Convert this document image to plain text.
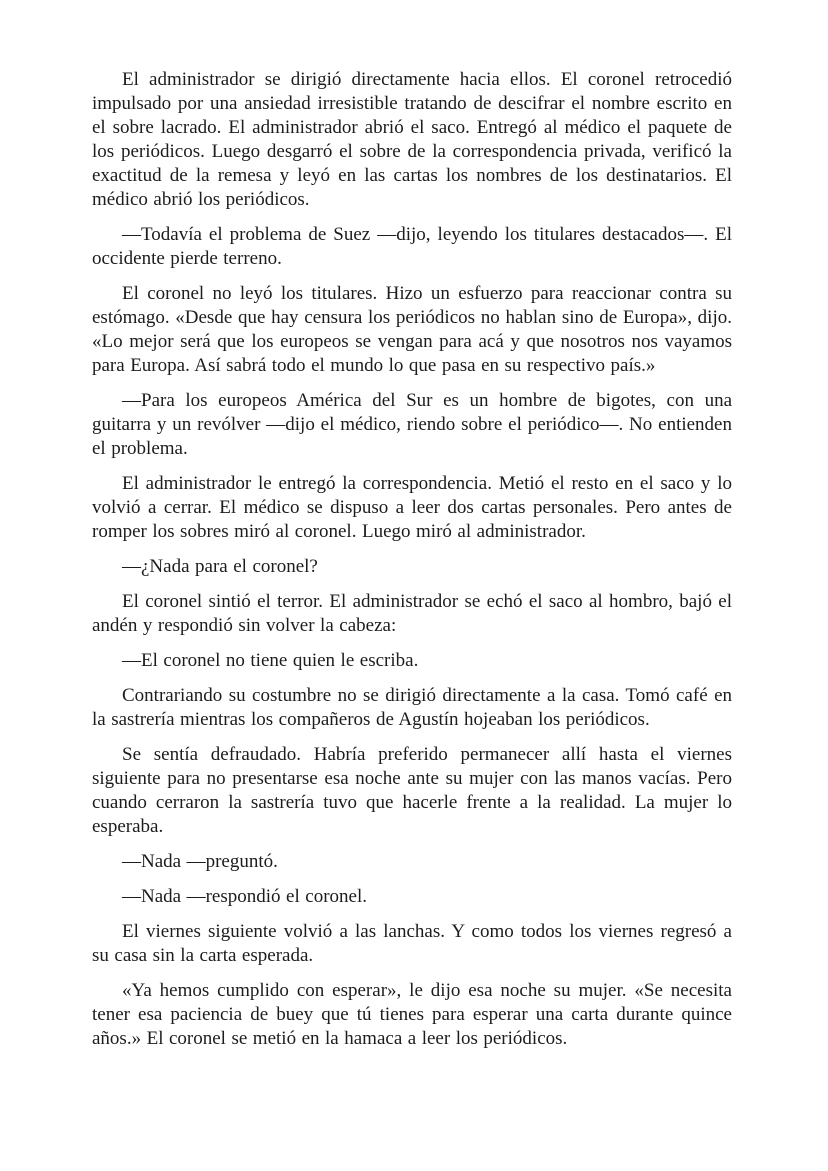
El administrador se dirigió directamente hacia ellos. El coronel retrocedió impulsado por una ansiedad irresistible tratando de descifrar el nombre escrito en el sobre lacrado. El administrador abrió el saco. Entregó al médico el paquete de los periódicos. Luego desgarró el sobre de la correspondencia privada, verificó la exactitud de la remesa y leyó en las cartas los nombres de los destinatarios. El médico abrió los periódicos.

—Todavía el problema de Suez —dijo, leyendo los titulares destacados—. El occidente pierde terreno.

El coronel no leyó los titulares. Hizo un esfuerzo para reaccionar contra su estómago. «Desde que hay censura los periódicos no hablan sino de Europa», dijo. «Lo mejor será que los europeos se vengan para acá y que nosotros nos vayamos para Europa. Así sabrá todo el mundo lo que pasa en su respectivo país.»

—Para los europeos América del Sur es un hombre de bigotes, con una guitarra y un revólver —dijo el médico, riendo sobre el periódico—. No entienden el problema.

El administrador le entregó la correspondencia. Metió el resto en el saco y lo volvió a cerrar. El médico se dispuso a leer dos cartas personales. Pero antes de romper los sobres miró al coronel. Luego miró al administrador.

—¿Nada para el coronel?

El coronel sintió el terror. El administrador se echó el saco al hombro, bajó el andén y respondió sin volver la cabeza:

—El coronel no tiene quien le escriba.

Contrariando su costumbre no se dirigió directamente a la casa. Tomó café en la sastrería mientras los compañeros de Agustín hojeaban los periódicos.

Se sentía defraudado. Habría preferido permanecer allí hasta el viernes siguiente para no presentarse esa noche ante su mujer con las manos vacías. Pero cuando cerraron la sastrería tuvo que hacerle frente a la realidad. La mujer lo esperaba.

—Nada —preguntó.

—Nada —respondió el coronel.

El viernes siguiente volvió a las lanchas. Y como todos los viernes regresó a su casa sin la carta esperada.

«Ya hemos cumplido con esperar», le dijo esa noche su mujer. «Se necesita tener esa paciencia de buey que tú tienes para esperar una carta durante quince años.» El coronel se metió en la hamaca a leer los periódicos.
